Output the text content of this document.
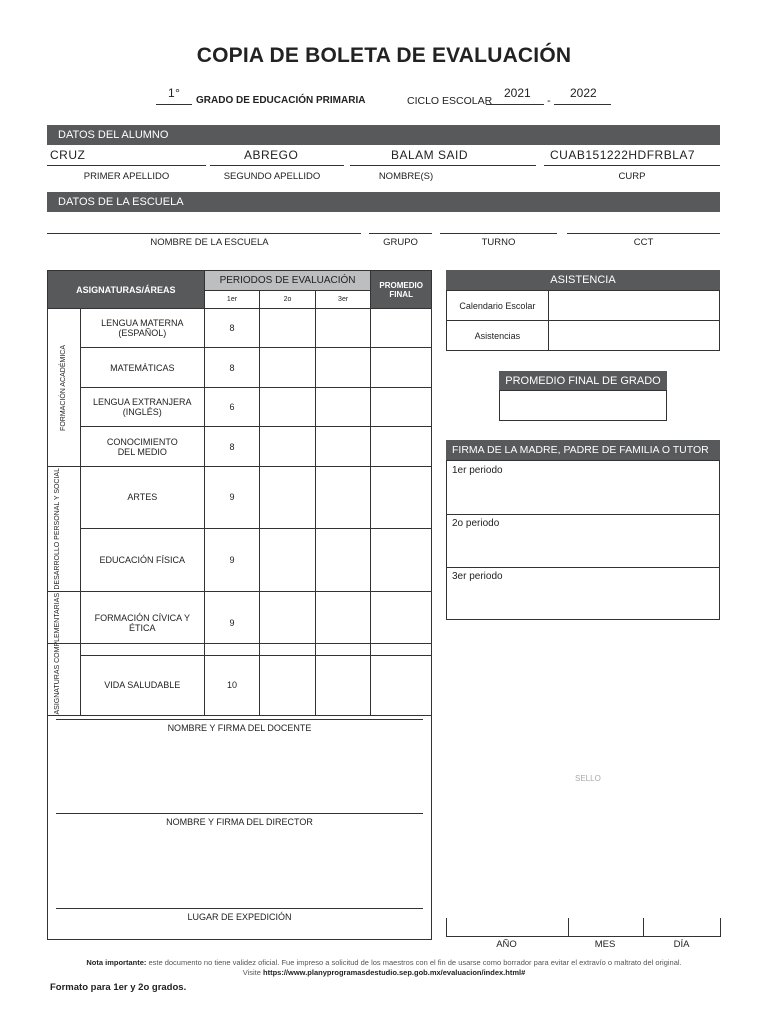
COPIA DE BOLETA DE EVALUACIÓN
1°
GRADO DE EDUCACIÓN PRIMARIA	CICLO ESCOLAR
2021
-
2022
DATOS DEL ALUMNO
CRUZ	ABREGO	BALAM SAID	CUAB151222HDFRBLA7
PRIMER APELLIDO	SEGUNDO APELLIDO	NOMBRE(S)	CURP
DATOS DE LA ESCUELA
NOMBRE DE LA ESCUELA	GRUPO	TURNO	CCT
ASIGNATURAS/ÁREAS		PERIODOS DE EVALUACIÓN			PROMEDIO FINAL
		1er	2o	3er	

FORMACIÓN ACADÉMICA	LENGUA MATERNA (ESPAÑOL)	8			
	MATEMÁTICAS	8			
	LENGUA EXTRANJERA (INGLÉS)	6			
	CONOCIMIENTO DEL MEDIO	8			

DESARROLLO PERSONAL Y SOCIAL	ARTES	9			
	EDUCACIÓN FÍSICA	9			

ASIGNATURAS COMPLEMENTARIAS	FORMACIÓN CÍVICA Y ÉTICA	9			
	VIDA SALUDABLE	10			
ASISTENCIA
Calendario Escolar	
Asistencias	
PROMEDIO FINAL DE GRADO
FIRMA DE LA MADRE, PADRE DE FAMILIA O TUTOR
1er periodo
2o periodo
3er periodo
NOMBRE Y FIRMA DEL DOCENTE
NOMBRE Y FIRMA DEL DIRECTOR
LUGAR DE EXPEDICIÓN
SELLO
AÑO	MES	DÍA
Nota importante: este documento no tiene validez oficial. Fue impreso a solicitud de los maestros con el fin de usarse como borrador para evitar el extravío o maltrato del original.
Visite https://www.planyprogramasdestudio.sep.gob.mx/evaluacion/index.html#
Formato para 1er y 2o grados.
